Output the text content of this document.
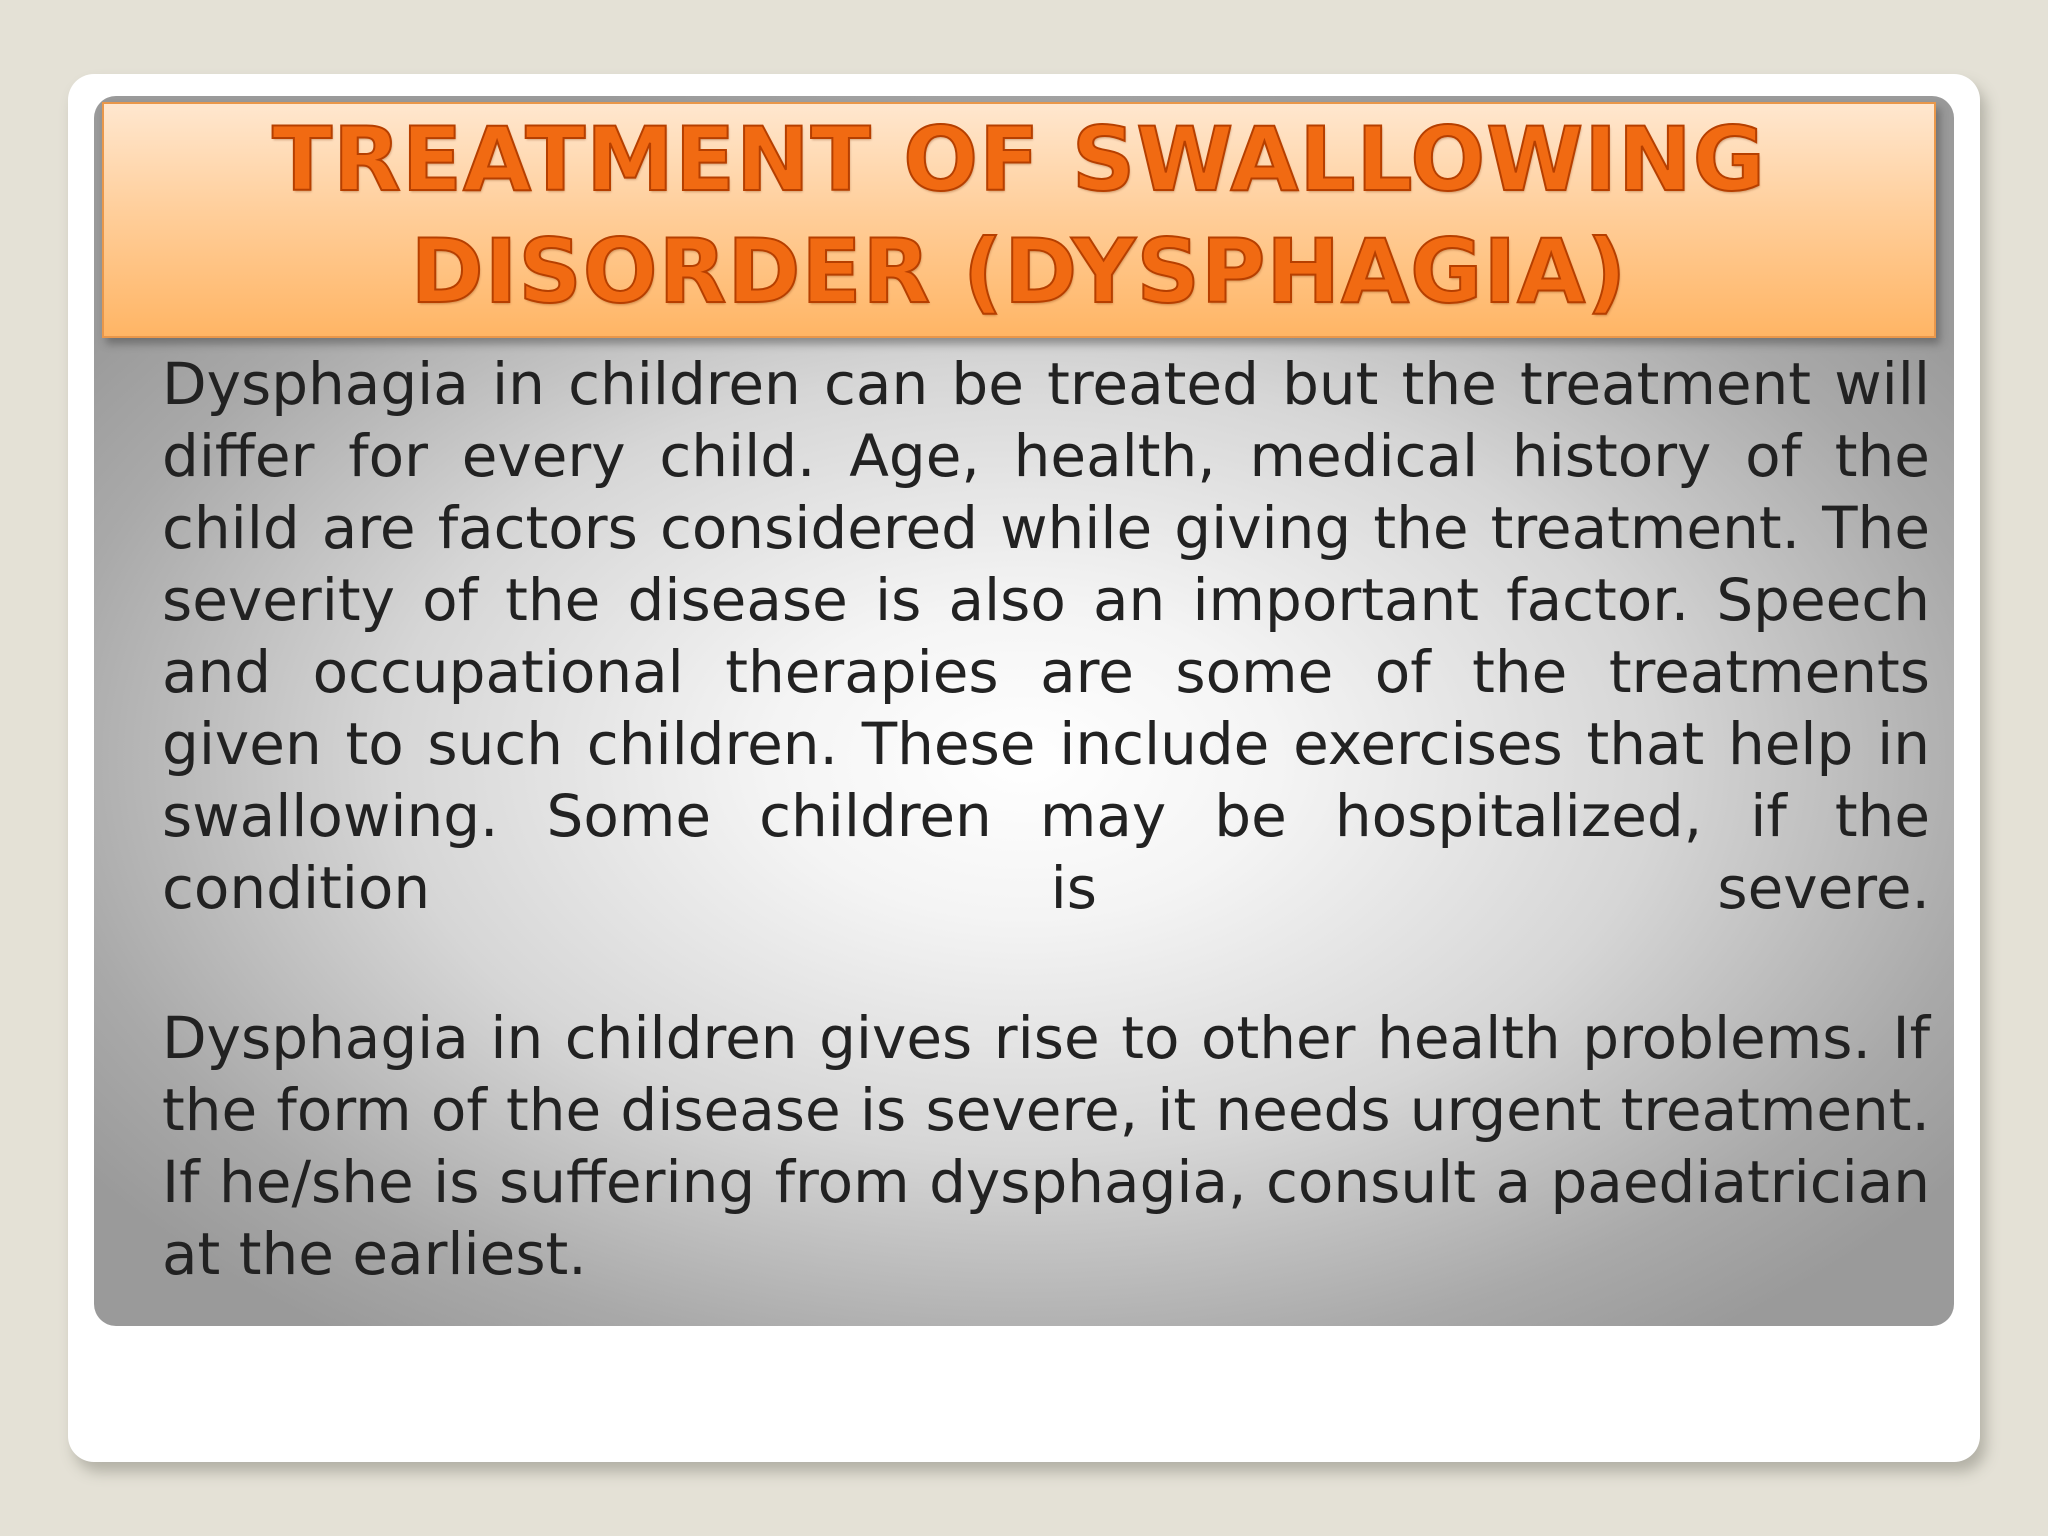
TREATMENT OF SWALLOWING
DISORDER (DYSPHAGIA)

Dysphagia in children can be treated but the treatment will differ for every child. Age, health, medical history of the child are factors considered while giving the treatment. The severity of the disease is also an important factor. Speech and occupational therapies are some of the treatments given to such children. These include exercises that help in swallowing. Some children may be hospitalized, if the condition is severe.

Dysphagia in children gives rise to other health problems. If the form of the disease is severe, it needs urgent treatment. If he/she is suffering from dysphagia, consult a paediatrician at the earliest.
